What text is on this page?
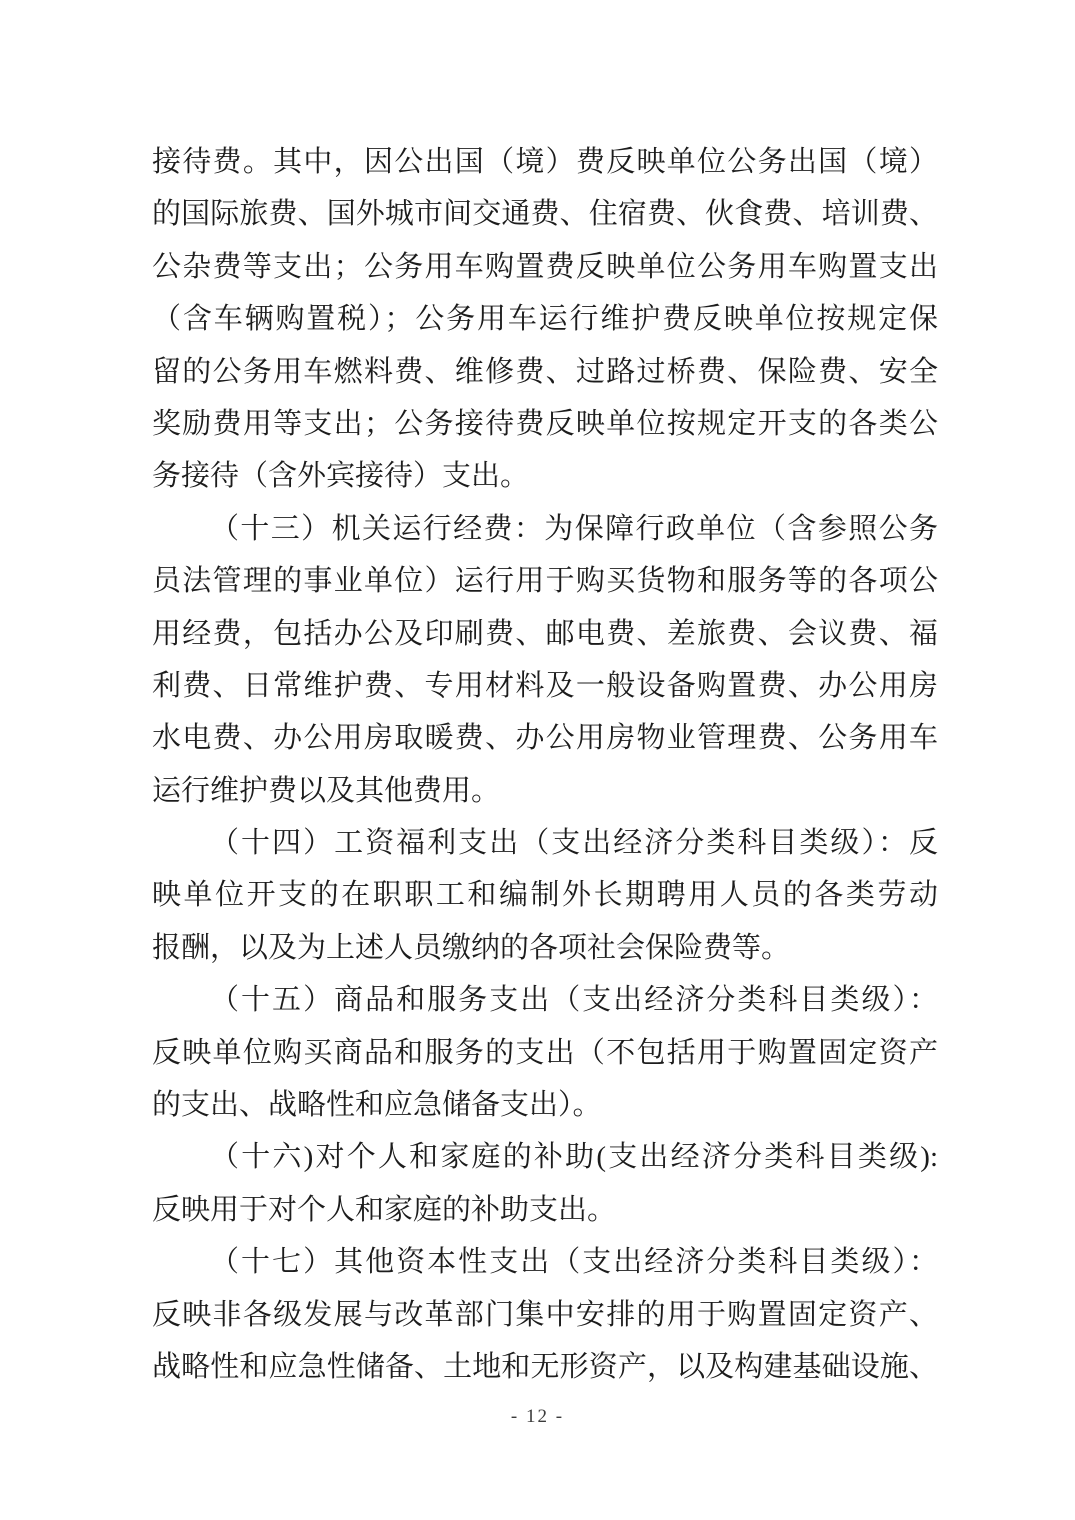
接待费。其中，因公出国（境）费反映单位公务出国（境）
的国际旅费、国外城市间交通费、住宿费、伙食费、培训费、
公杂费等支出；公务用车购置费反映单位公务用车购置支出
（含车辆购置税）；公务用车运行维护费反映单位按规定保
留的公务用车燃料费、维修费、过路过桥费、保险费、安全
奖励费用等支出；公务接待费反映单位按规定开支的各类公
务接待（含外宾接待）支出。
（十三）机关运行经费：为保障行政单位（含参照公务
员法管理的事业单位）运行用于购买货物和服务等的各项公
用经费，包括办公及印刷费、邮电费、差旅费、会议费、福
利费、日常维护费、专用材料及一般设备购置费、办公用房
水电费、办公用房取暖费、办公用房物业管理费、公务用车
运行维护费以及其他费用。
（十四）工资福利支出（支出经济分类科目类级）：反
映单位开支的在职职工和编制外长期聘用人员的各类劳动
报酬，以及为上述人员缴纳的各项社会保险费等。
（十五）商品和服务支出（支出经济分类科目类级）：
反映单位购买商品和服务的支出（不包括用于购置固定资产
的支出、战略性和应急储备支出）。
（十六)对个人和家庭的补助(支出经济分类科目类级):
反映用于对个人和家庭的补助支出。
（十七）其他资本性支出（支出经济分类科目类级）：
反映非各级发展与改革部门集中安排的用于购置固定资产、
战略性和应急性储备、土地和无形资产，以及构建基础设施、
- 12 -
